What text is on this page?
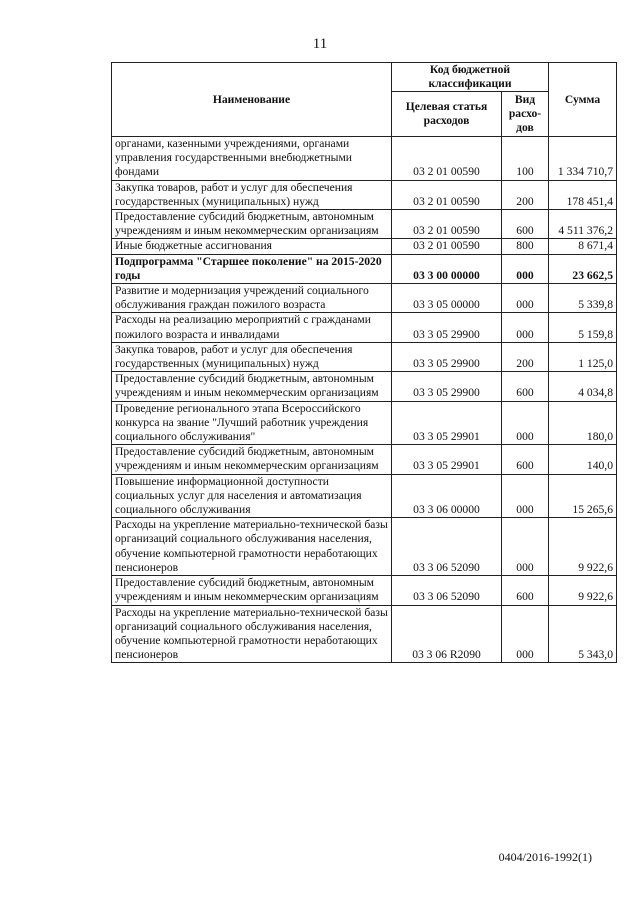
11
Наименование	Код бюджетной классификации		Сумма
	Целевая статья расходов	Вид расхо-дов	
органами, казенными учреждениями, органами управления государственными внебюджетными фондами	03 2 01 00590	100	1 334 710,7
Закупка товаров, работ и услуг для обеспечения государственных (муниципальных) нужд	03 2 01 00590	200	178 451,4
Предоставление субсидий бюджетным, автономным учреждениям и иным некоммерческим организациям	03 2 01 00590	600	4 511 376,2
Иные бюджетные ассигнования	03 2 01 00590	800	8 671,4
Подпрограмма "Старшее поколение" на 2015-2020 годы	03 3 00 00000	000	23 662,5
Развитие и модернизация учреждений социального обслуживания граждан пожилого возраста	03 3 05 00000	000	5 339,8
Расходы на реализацию мероприятий с гражданами пожилого возраста и инвалидами	03 3 05 29900	000	5 159,8
Закупка товаров, работ и услуг для обеспечения государственных (муниципальных) нужд	03 3 05 29900	200	1 125,0
Предоставление субсидий бюджетным, автономным учреждениям и иным некоммерческим организациям	03 3 05 29900	600	4 034,8
Проведение регионального этапа Всероссийского конкурса на звание "Лучший работник учреждения социального обслуживания"	03 3 05 29901	000	180,0
Предоставление субсидий бюджетным, автономным учреждениям и иным некоммерческим организациям	03 3 05 29901	600	140,0
Повышение информационной доступности социальных услуг для населения и автоматизация социального обслуживания	03 3 06 00000	000	15 265,6
Расходы на укрепление материально-технической базы организаций социального обслуживания населения, обучение компьютерной грамотности неработающих пенсионеров	03 3 06 52090	000	9 922,6
Предоставление субсидий бюджетным, автономным учреждениям и иным некоммерческим организациям	03 3 06 52090	600	9 922,6
Расходы на укрепление материально-технической базы организаций социального обслуживания населения, обучение компьютерной грамотности неработающих пенсионеров	03 3 06 R2090	000	5 343,0
0404/2016-1992(1)
